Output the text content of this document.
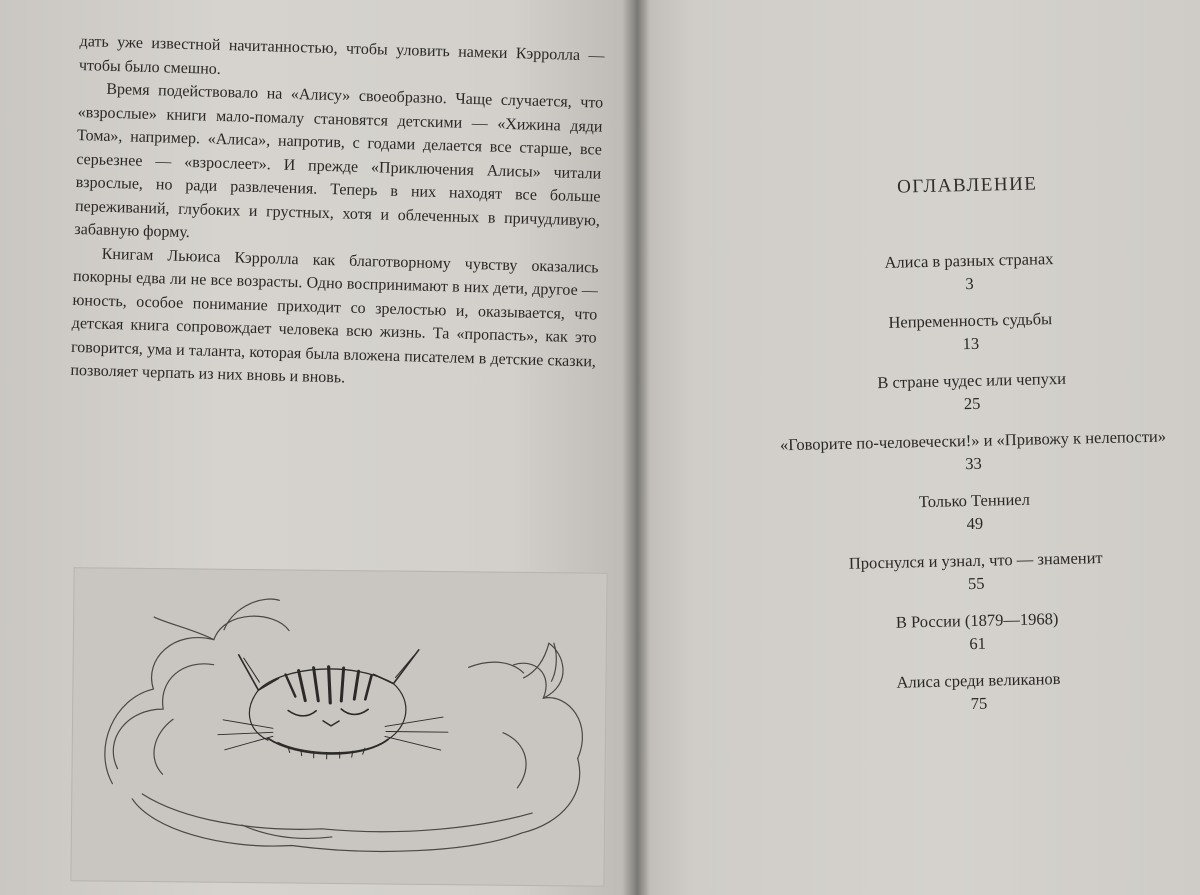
дать уже известной начитанностью, чтобы уловить намеки Кэрролла — чтобы было смешно.

Время подействовало на «Алису» своеобразно. Чаще случается, что «взрослые» книги мало-помалу становятся детскими — «Хижина дяди Тома», например. «Алиса», напротив, с годами делается все старше, все серьезнее — «взрослеет». И прежде «Приключения Алисы» читали взрослые, но ради развлечения. Теперь в них находят все больше переживаний, глубоких и грустных, хотя и облеченных в причудливую, забавную форму.

Книгам Льюиса Кэрролла как благотворному чувству оказались покорны едва ли не все возрасты. Одно воспринимают в них дети, другое — юность, особое понимание приходит со зрелостью и, оказывается, что детская книга сопровождает человека всю жизнь. Та «пропасть», как это говорится, ума и таланта, которая была вложена писателем в детские сказки, позволяет черпать из них вновь и вновь.

ОГЛАВЛЕНИЕ
Алиса в разных странах
3
Непременность судьбы
13
В стране чудес или чепухи
25
«Говорите по-человечески!» и «Привожу к нелепости»
33
Только Тенниел
49
Проснулся и узнал, что — знаменит
55
В России (1879—1968)
61
Алиса среди великанов
75
